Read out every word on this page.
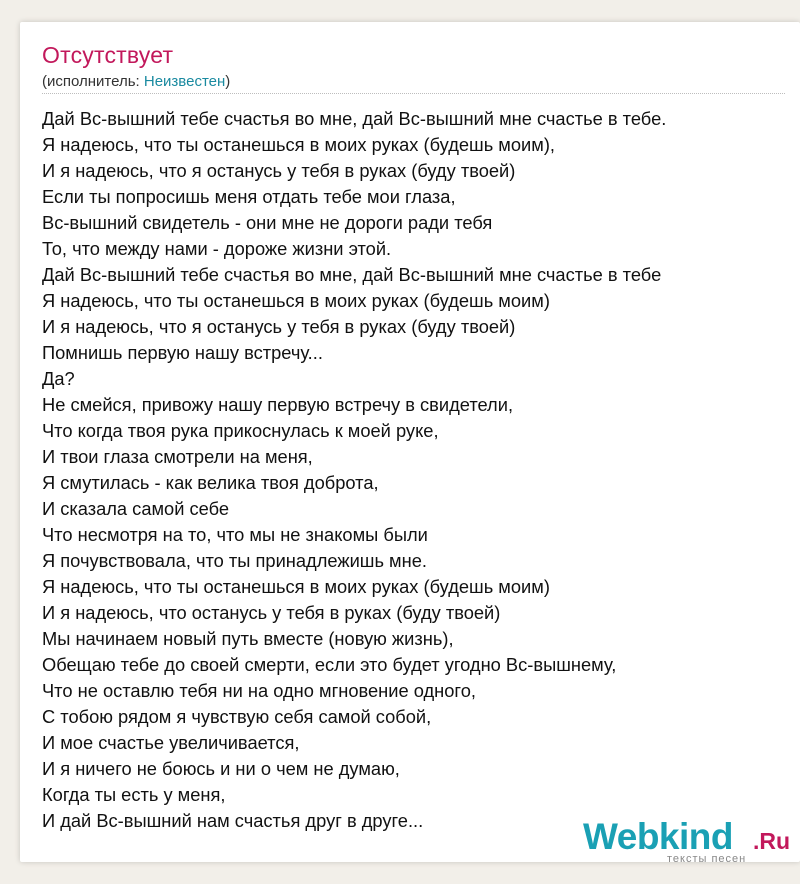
Отсутствует
(исполнитель: Неизвестен)
Дай Вс-вышний тебе счастья во мне, дай Вс-вышний мне счастье в тебе.
Я надеюсь, что ты останешься в моих руках (будешь моим),
И я надеюсь, что я останусь у тебя в руках (буду твоей)
Если ты попросишь меня отдать тебе мои глаза,
Вс-вышний свидетель - они мне не дороги ради тебя
То, что между нами - дороже жизни этой.
Дай Вс-вышний тебе счастья во мне, дай Вс-вышний мне счастье в тебе
Я надеюсь, что ты останешься в моих руках (будешь моим)
И я надеюсь, что я останусь у тебя в руках (буду твоей)
Помнишь первую нашу встречу...
Да?
Не смейся, привожу нашу первую встречу в свидетели,
Что когда твоя рука прикоснулась к моей руке,
И твои глаза смотрели на меня,
Я смутилась - как велика твоя доброта,
И сказала самой себе
Что несмотря на то, что мы не знакомы были
Я почувствовала, что ты принадлежишь мне.
Я надеюсь, что ты останешься в моих руках (будешь моим)
И я надеюсь, что останусь у тебя в руках (буду твоей)
Мы начинаем новый путь вместе (новую жизнь),
Обещаю тебе до своей смерти, если это будет угодно Вс-вышнему,
Что не оставлю тебя ни на одно мгновение одного,
С тобою рядом я чувствую себя самой собой,
И мое счастье увеличивается,
И я ничего не боюсь и ни о чем не думаю,
Когда ты есть у меня,
И дай Вс-вышний нам счастья друг в друге...	Webkind .Ru
тексты песен
